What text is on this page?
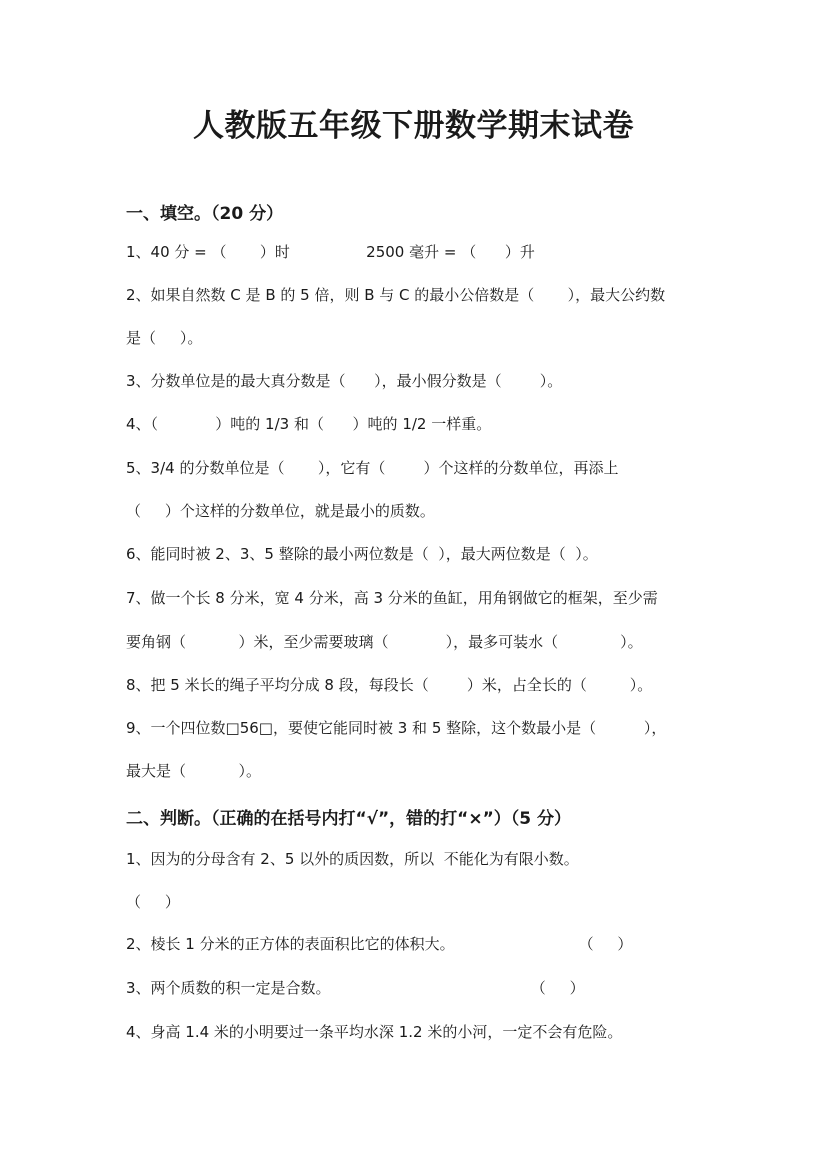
人教版五年级下册数学期末试卷
一、填空。（20 分）
1、40 分 = （       ）时                2500 毫升 = （      ）升
2、如果自然数 C 是 B 的 5 倍，则 B 与 C 的最小公倍数是（       ），最大公约数
是（     ）。
3、分数单位是的最大真分数是（      ），最小假分数是（        ）。
4、（            ）吨的 1/3 和（      ）吨的 1/2 一样重。
5、3/4 的分数单位是（       ），它有（        ）个这样的分数单位，再添上
（     ）个这样的分数单位，就是最小的质数。
6、能同时被 2、3、5 整除的最小两位数是（  ），最大两位数是（  ）。
7、做一个长 8 分米，宽 4 分米，高 3 分米的鱼缸，用角钢做它的框架，至少需
要角钢（           ）米，至少需要玻璃（            ），最多可装水（             ）。
8、把 5 米长的绳子平均分成 8 段，每段长（        ）米，占全长的（         ）。
9、一个四位数□56□，要使它能同时被 3 和 5 整除，这个数最小是（          ），
最大是（           ）。
二、判断。（正确的在括号内打“√”，错的打“×”）（5 分）
1、因为的分母含有 2、5 以外的质因数，所以  不能化为有限小数。
（     ）
2、棱长 1 分米的正方体的表面积比它的体积大。                          （     ）
3、两个质数的积一定是合数。                                          （     ）
4、身高 1.4 米的小明要过一条平均水深 1.2 米的小河，一定不会有危险。
